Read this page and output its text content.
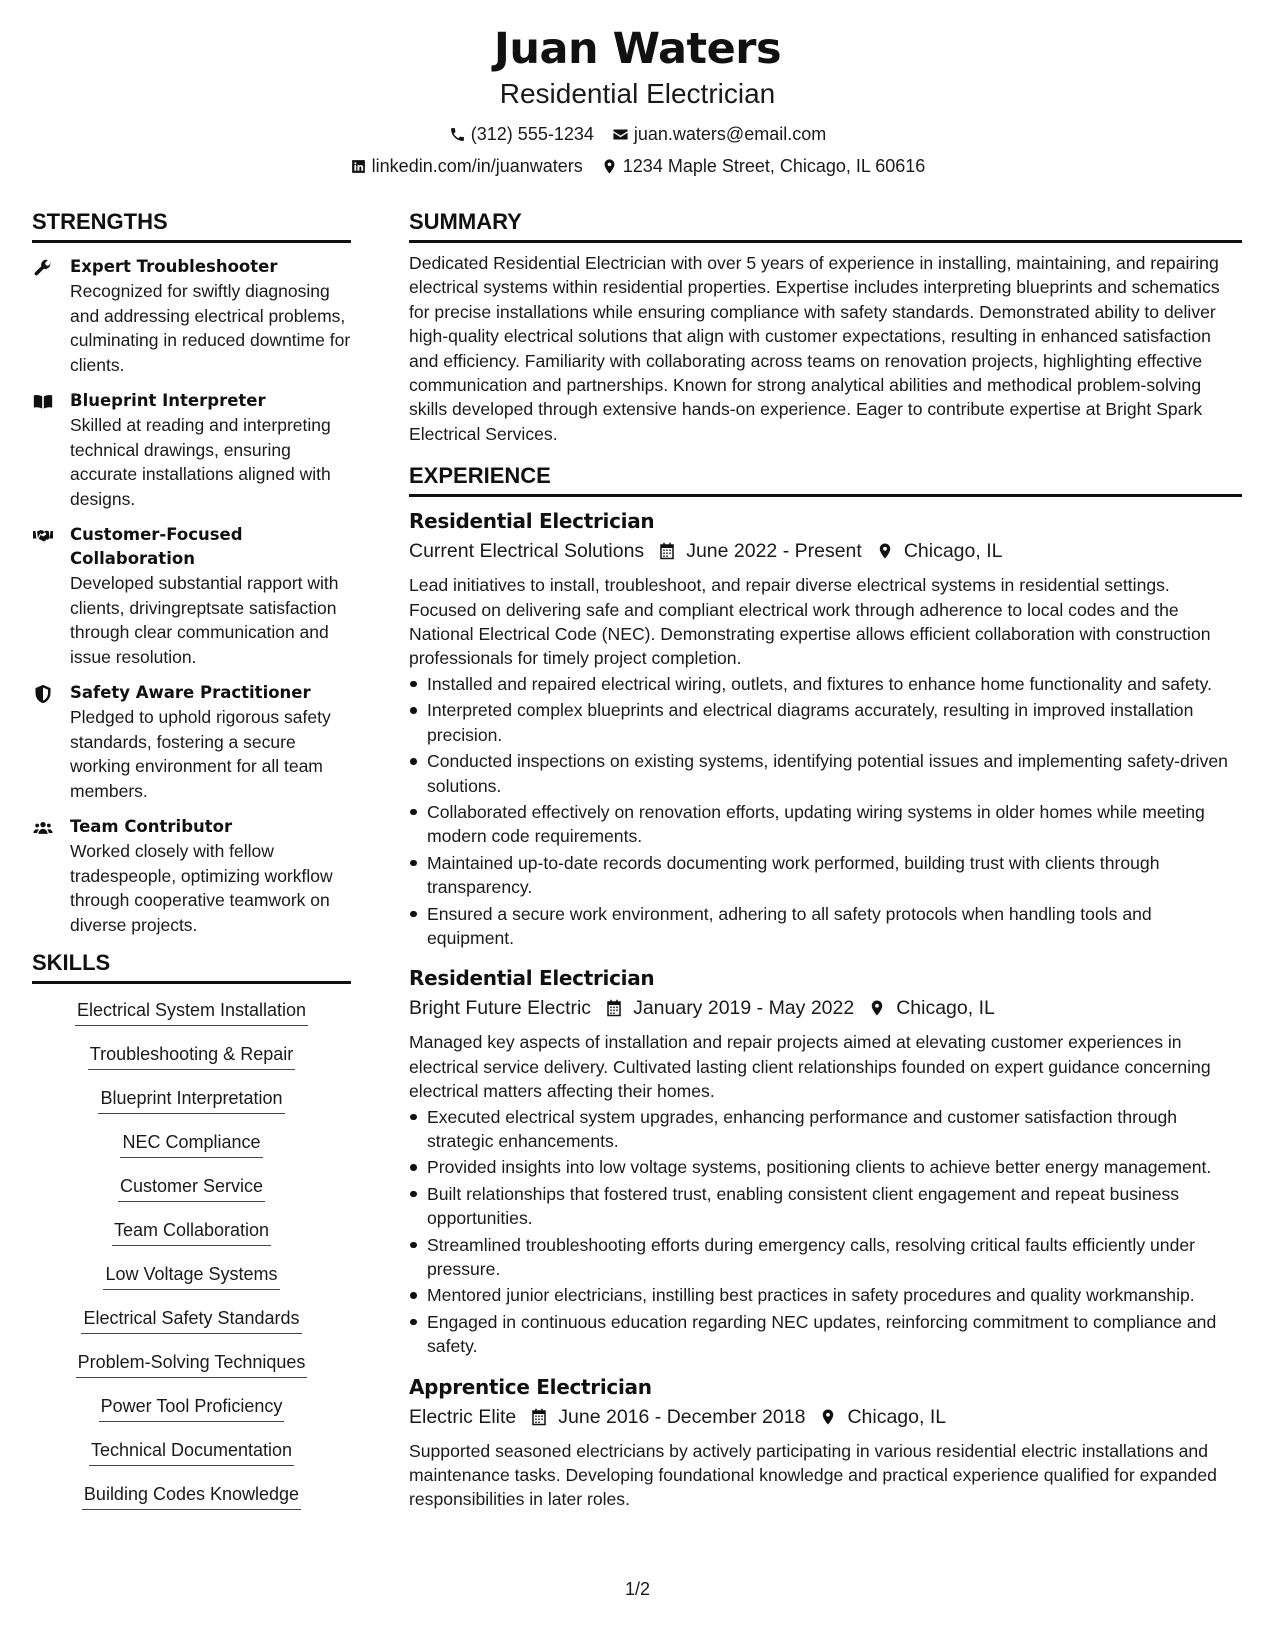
Juan Waters
Residential Electrician
(312) 555-1234 juan.waters@email.com
linkedin.com/in/juanwaters 1234 Maple Street, Chicago, IL 60616
STRENGTHS
Expert Troubleshooter
Recognized for swiftly diagnosing and addressing electrical problems, culminating in reduced downtime for clients.
Blueprint Interpreter
Skilled at reading and interpreting technical drawings, ensuring accurate installations aligned with designs.
Customer-Focused Collaboration
Developed substantial rapport with clients, drivingreptsate satisfaction through clear communication and issue resolution.
Safety Aware Practitioner
Pledged to uphold rigorous safety standards, fostering a secure working environment for all team members.
Team Contributor
Worked closely with fellow tradespeople, optimizing workflow through cooperative teamwork on diverse projects.
SKILLS
Electrical System Installation
Troubleshooting & Repair
Blueprint Interpretation
NEC Compliance
Customer Service
Team Collaboration
Low Voltage Systems
Electrical Safety Standards
Problem-Solving Techniques
Power Tool Proficiency
Technical Documentation
Building Codes Knowledge
SUMMARY
Dedicated Residential Electrician with over 5 years of experience in installing, maintaining, and repairing electrical systems within residential properties. Expertise includes interpreting blueprints and schematics for precise installations while ensuring compliance with safety standards. Demonstrated ability to deliver high-quality electrical solutions that align with customer expectations, resulting in enhanced satisfaction and efficiency. Familiarity with collaborating across teams on renovation projects, highlighting effective communication and partnerships. Known for strong analytical abilities and methodical problem-solving skills developed through extensive hands-on experience. Eager to contribute expertise at Bright Spark Electrical Services.
EXPERIENCE
Residential Electrician
Current Electrical Solutions June 2022 - Present Chicago, IL
Lead initiatives to install, troubleshoot, and repair diverse electrical systems in residential settings. Focused on delivering safe and compliant electrical work through adherence to local codes and the National Electrical Code (NEC). Demonstrating expertise allows efficient collaboration with construction professionals for timely project completion.
Installed and repaired electrical wiring, outlets, and fixtures to enhance home functionality and safety.
Interpreted complex blueprints and electrical diagrams accurately, resulting in improved installation precision.
Conducted inspections on existing systems, identifying potential issues and implementing safety-driven solutions.
Collaborated effectively on renovation efforts, updating wiring systems in older homes while meeting modern code requirements.
Maintained up-to-date records documenting work performed, building trust with clients through transparency.
Ensured a secure work environment, adhering to all safety protocols when handling tools and equipment.
Residential Electrician
Bright Future Electric January 2019 - May 2022 Chicago, IL
Managed key aspects of installation and repair projects aimed at elevating customer experiences in electrical service delivery. Cultivated lasting client relationships founded on expert guidance concerning electrical matters affecting their homes.
Executed electrical system upgrades, enhancing performance and customer satisfaction through strategic enhancements.
Provided insights into low voltage systems, positioning clients to achieve better energy management.
Built relationships that fostered trust, enabling consistent client engagement and repeat business opportunities.
Streamlined troubleshooting efforts during emergency calls, resolving critical faults efficiently under pressure.
Mentored junior electricians, instilling best practices in safety procedures and quality workmanship.
Engaged in continuous education regarding NEC updates, reinforcing commitment to compliance and safety.
Apprentice Electrician
Electric Elite June 2016 - December 2018 Chicago, IL
Supported seasoned electricians by actively participating in various residential electric installations and maintenance tasks. Developing foundational knowledge and practical experience qualified for expanded responsibilities in later roles.
1/2
